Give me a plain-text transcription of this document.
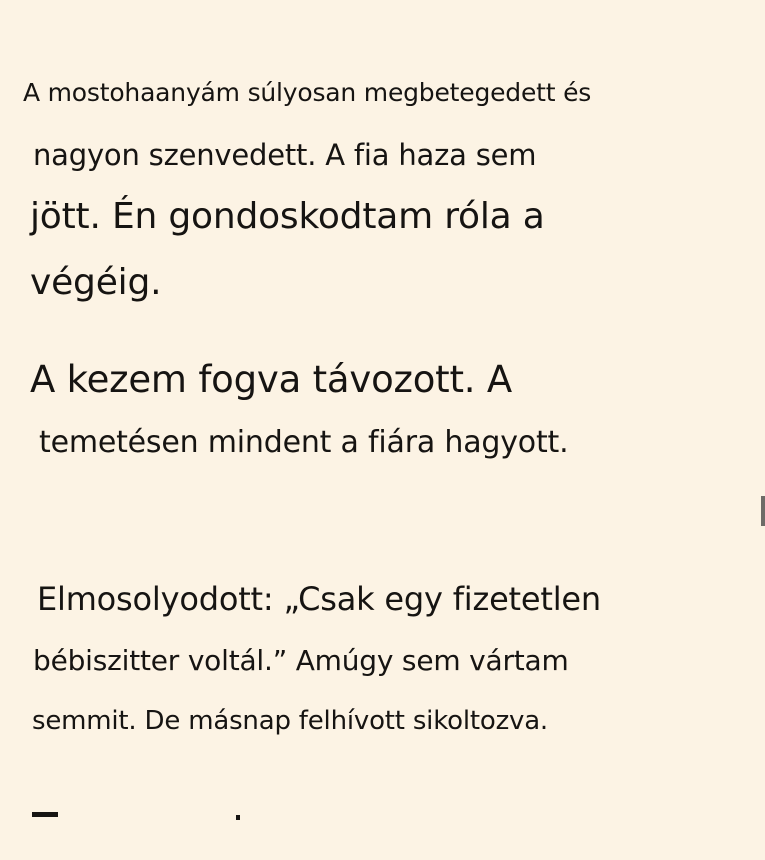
A mostohaanyám súlyosan megbetegedett és
nagyon szenvedett. A fia haza sem
jött. Én gondoskodtam róla a
végéig.
A kezem fogva távozott. A
temetésen mindent a fiára hagyott.
Elmosolyodott: „Csak egy fizetetlen
bébiszitter voltál.” Amúgy sem vártam
semmit. De másnap felhívott sikoltozva.
